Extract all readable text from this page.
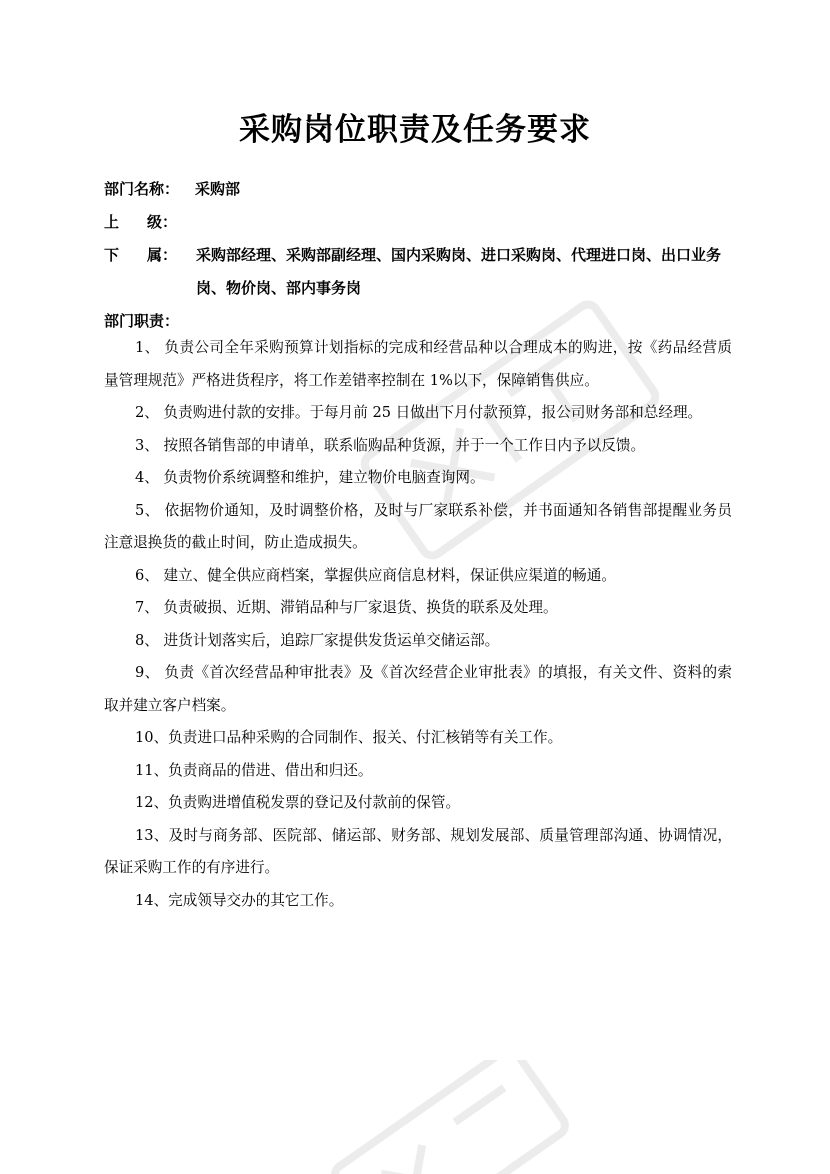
采购岗位职责及任务要求
部门名称：	采购部
上 级：
下 属：	采购部经理、采购部副经理、国内采购岗、进口采购岗、代理进口岗、出口业务岗、物价岗、部内事务岗
部门职责：

1、 负责公司全年采购预算计划指标的完成和经营品种以合理成本的购进，按《药品经营质量管理规范》严格进货程序，将工作差错率控制在 1%以下，保障销售供应。

2、 负责购进付款的安排。于每月前 25 日做出下月付款预算，报公司财务部和总经理。

3、 按照各销售部的申请单，联系临购品种货源，并于一个工作日内予以反馈。

4、 负责物价系统调整和维护，建立物价电脑查询网。

5、 依据物价通知，及时调整价格，及时与厂家联系补偿，并书面通知各销售部提醒业务员注意退换货的截止时间，防止造成损失。

6、 建立、健全供应商档案，掌握供应商信息材料，保证供应渠道的畅通。

7、 负责破损、近期、滞销品种与厂家退货、换货的联系及处理。

8、 进货计划落实后，追踪厂家提供发货运单交储运部。

9、 负责《首次经营品种审批表》及《首次经营企业审批表》的填报，有关文件、资料的索取并建立客户档案。

10、负责进口品种采购的合同制作、报关、付汇核销等有关工作。

11、负责商品的借进、借出和归还。

12、负责购进增值税发票的登记及付款前的保管。

13、及时与商务部、医院部、储运部、财务部、规划发展部、质量管理部沟通、协调情况，保证采购工作的有序进行。

14、完成领导交办的其它工作。
